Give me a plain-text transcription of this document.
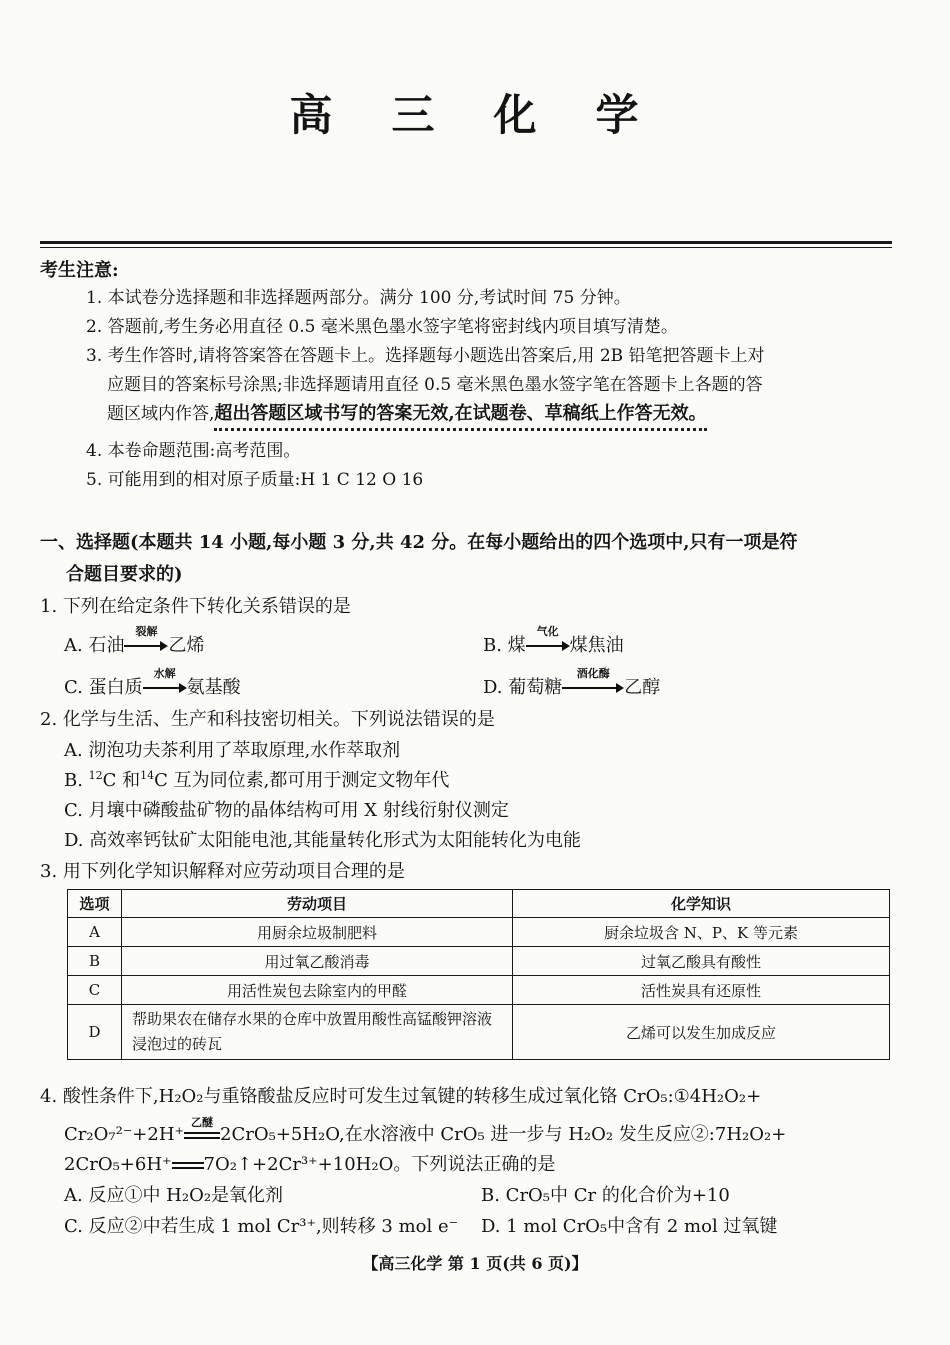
高 三 化 学
考生注意:
1. 本试卷分选择题和非选择题两部分。满分 100 分,考试时间 75 分钟。
2. 答题前,考生务必用直径 0.5 毫米黑色墨水签字笔将密封线内项目填写清楚。
3. 考生作答时,请将答案答在答题卡上。选择题每小题选出答案后,用 2B 铅笔把答题卡上对
应题目的答案标号涂黑;非选择题请用直径 0.5 毫米黑色墨水签字笔在答题卡上各题的答
题区域内作答,超出答题区域书写的答案无效,在试题卷、草稿纸上作答无效。
4. 本卷命题范围:高考范围。
5. 可能用到的相对原子质量:H 1 C 12 O 16
一、选择题(本题共 14 小题,每小题 3 分,共 42 分。在每小题给出的四个选项中,只有一项是符
合题目要求的)
1. 下列在给定条件下转化关系错误的是
A. 石油
裂解
乙烯	B. 煤
气化
煤焦油
C. 蛋白质
水解
氨基酸	D. 葡萄糖
酒化酶
乙醇
2. 化学与生活、生产和科技密切相关。下列说法错误的是
A. 沏泡功夫茶利用了萃取原理,水作萃取剂
B. $^{12}$C 和$^{14}$C 互为同位素,都可用于测定文物年代
C. 月壤中磷酸盐矿物的晶体结构可用 X 射线衍射仪测定
D. 高效率钙钛矿太阳能电池,其能量转化形式为太阳能转化为电能
3. 用下列化学知识解释对应劳动项目合理的是
选项	劳动项目	化学知识
A	用厨余垃圾制肥料	厨余垃圾含 N、P、K 等元素
B	用过氧乙酸消毒	过氧乙酸具有酸性
C	用活性炭包去除室内的甲醛	活性炭具有还原性
D	帮助果农在储存水果的仓库中放置用酸性高锰酸钾溶液浸泡过的砖瓦	乙烯可以发生加成反应
4. 酸性条件下,H₂O₂与重铬酸盐反应时可发生过氧键的转移生成过氧化铬 CrO₅:①4H₂O₂+
Cr₂O₇²⁻+2H⁺
乙醚
2CrO₅+5H₂O,在水溶液中 CrO₅ 进一步与 H₂O₂ 发生反应②:7H₂O₂+
2CrO₅+6H⁺ 7O₂↑+2Cr³⁺+10H₂O。下列说法正确的是
A. 反应①中 H₂O₂是氧化剂	B. CrO₅中 Cr 的化合价为+10
C. 反应②中若生成 1 mol Cr³⁺,则转移 3 mol e⁻ D. 1 mol CrO₅中含有 2 mol 过氧键
【高三化学 第 1 页(共 6 页)】
